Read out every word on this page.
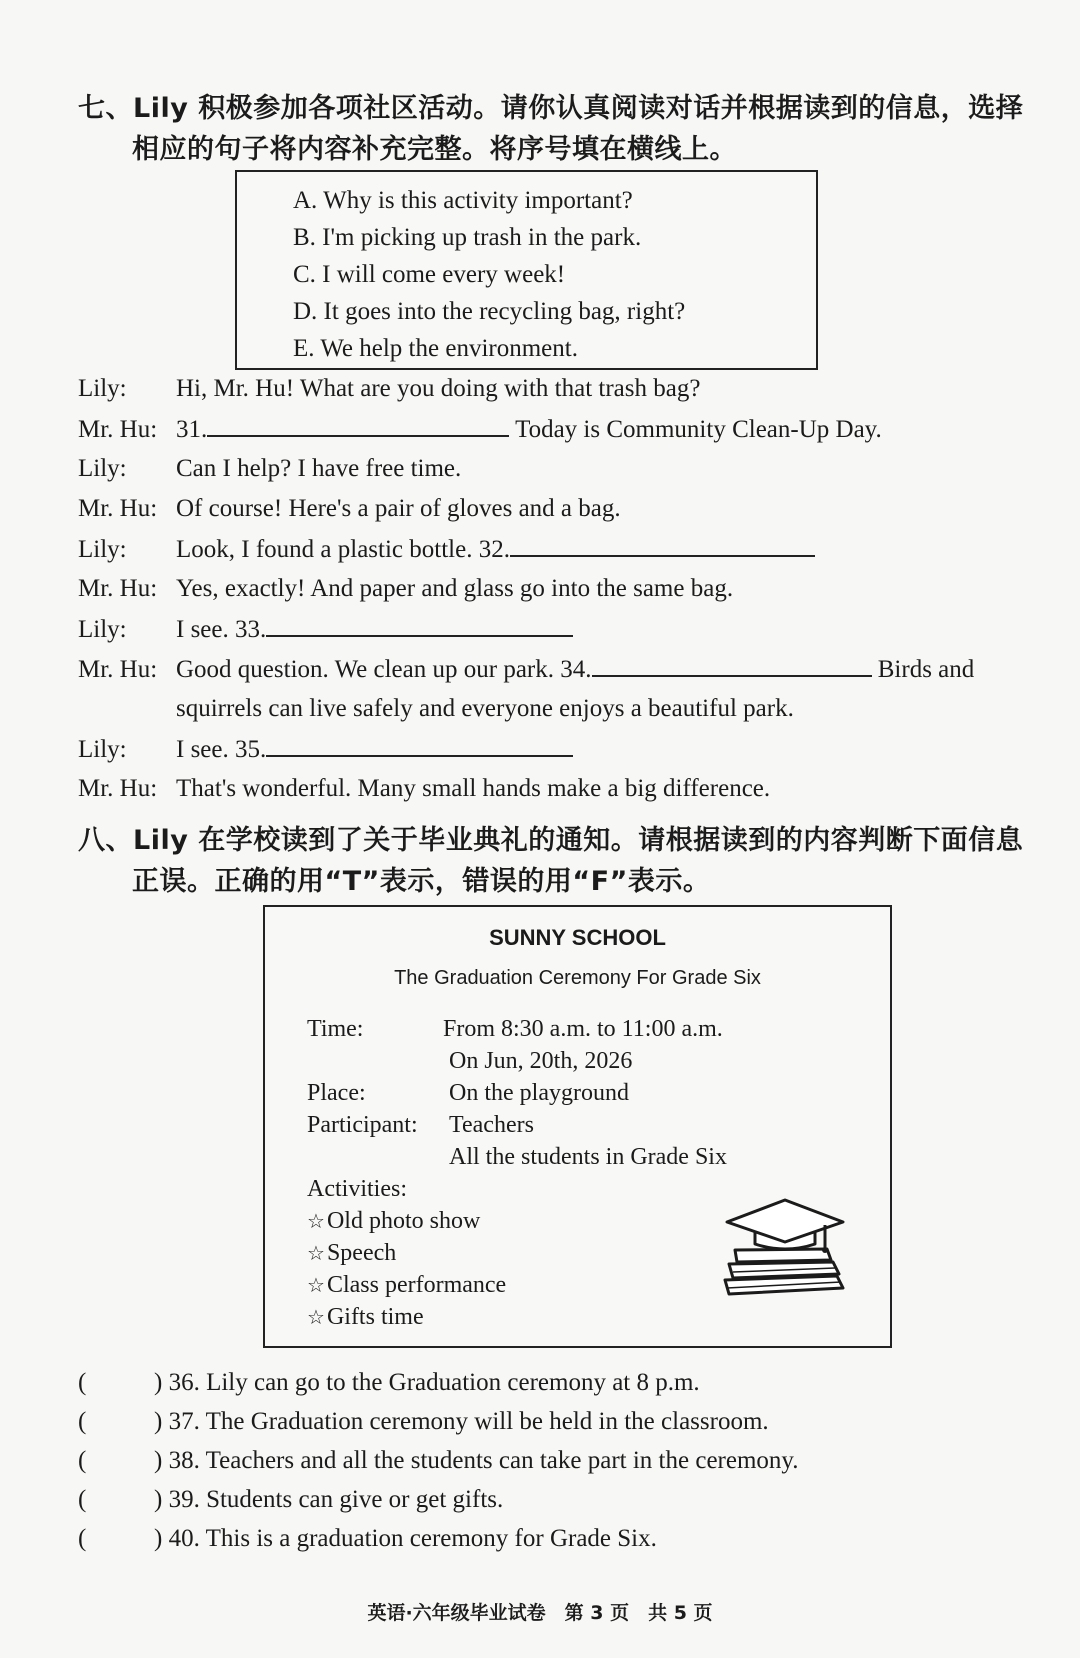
七、Lily 积极参加各项社区活动。请你认真阅读对话并根据读到的信息，选择
相应的句子将内容补充完整。将序号填在横线上。
A. Why is this activity important?
B. I'm picking up trash in the park.
C. I will come every week!
D. It goes into the recycling bag, right?
E. We help the environment.
Lily: Hi, Mr. Hu! What are you doing with that trash bag?
Mr. Hu: 31.	Today is Community Clean-Up Day.
Lily: Can I help? I have free time.
Mr. Hu: Of course! Here's a pair of gloves and a bag.
Lily: Look, I found a plastic bottle. 32.
Mr. Hu: Yes, exactly! And paper and glass go into the same bag.
Lily: I see. 33.
Mr. Hu: Good question. We clean up our park. 34.	Birds and
squirrels can live safely and everyone enjoys a beautiful park.
Lily: I see. 35.
Mr. Hu: That's wonderful. Many small hands make a big difference.
八、Lily 在学校读到了关于毕业典礼的通知。请根据读到的内容判断下面信息
正误。正确的用“T”表示，错误的用“F”表示。
SUNNY SCHOOL
The Graduation Ceremony For Grade Six
Time:	From 8:30 a.m. to 11:00 a.m.
On Jun, 20th, 2026
Place:	On the playground
Participant: Teachers
All the students in Grade Six
Activities:
☆Old photo show
☆Speech
☆Class performance
☆Gifts time
(	) 36. Lily can go to the Graduation ceremony at 8 p.m.
(	) 37. The Graduation ceremony will be held in the classroom.
(	) 38. Teachers and all the students can take part in the ceremony.
(	) 39. Students can give or get gifts.
(	) 40. This is a graduation ceremony for Grade Six.
英语·六年级毕业试卷　第 3 页　共 5 页
